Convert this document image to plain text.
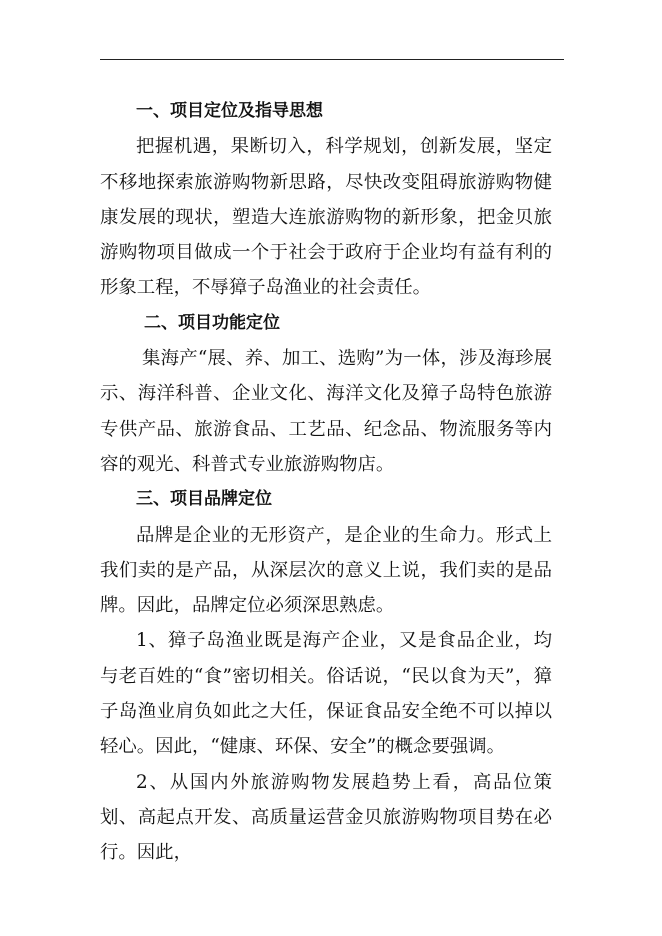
一、项目定位及指导思想

把握机遇，果断切入，科学规划，创新发展，坚定不移地探索旅游购物新思路，尽快改变阻碍旅游购物健康发展的现状，塑造大连旅游购物的新形象，把金贝旅游购物项目做成一个于社会于政府于企业均有益有利的形象工程，不辱獐子岛渔业的社会责任。

二、项目功能定位

集海产“展、养、加工、选购”为一体，涉及海珍展示、海洋科普、企业文化、海洋文化及獐子岛特色旅游专供产品、旅游食品、工艺品、纪念品、物流服务等内容的观光、科普式专业旅游购物店。

三、项目品牌定位

品牌是企业的无形资产，是企业的生命力。形式上我们卖的是产品，从深层次的意义上说，我们卖的是品牌。因此，品牌定位必须深思熟虑。

1、獐子岛渔业既是海产企业，又是食品企业，均与老百姓的“食”密切相关。俗话说，“民以食为天”，獐子岛渔业肩负如此之大任，保证食品安全绝不可以掉以轻心。因此，“健康、环保、安全”的概念要强调。

2、从国内外旅游购物发展趋势上看，高品位策划、高起点开发、高质量运营金贝旅游购物项目势在必行。因此，
